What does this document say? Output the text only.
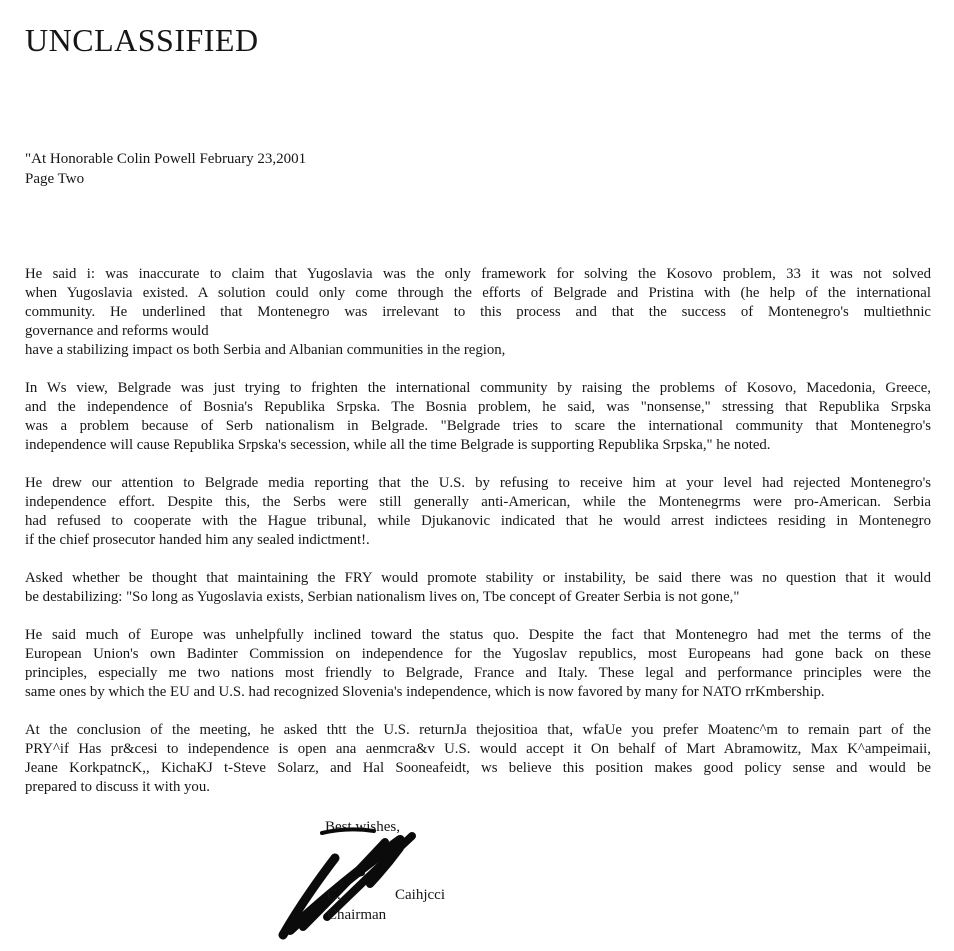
UNCLASSIFIED
"At Honorable Colin Powell February 23,2001
Page Two
He said i: was inaccurate to claim that Yugoslavia was the only framework for solving the Kosovo problem, 33 it was not solved
when Yugoslavia existed. A solution could only come through the efforts of Belgrade and Pristina with (he help of the international
community. He underlined that Montenegro was irrelevant to this process and that the success of Montenegro's multiethnic
governance and reforms would
have a stabilizing impact os both Serbia and Albanian communities in the region,
In Ws view, Belgrade was just trying to frighten the international community by raising the problems of Kosovo, Macedonia, Greece,
and the independence of Bosnia's Republika Srpska. The Bosnia problem, he said, was "nonsense," stressing that Republika Srpska
was a problem because of Serb nationalism in Belgrade. "Belgrade tries to scare the international community that Montenegro's
independence will cause Republika Srpska's secession, while all the time Belgrade is supporting Republika Srpska," he noted.
He drew our attention to Belgrade media reporting that the U.S. by refusing to receive him at your level had rejected Montenegro's
independence effort. Despite this, the Serbs were still generally anti-American, while the Montenegrms were pro-American. Serbia
had refused to cooperate with the Hague tribunal, while Djukanovic indicated that he would arrest indictees residing in Montenegro
if the chief prosecutor handed him any sealed indictment!.
Asked whether be thought that maintaining the FRY would promote stability or instability, be said there was no question that it would
be destabilizing: "So long as Yugoslavia exists, Serbian nationalism lives on, Tbe concept of Greater Serbia is not gone,"
He said much of Europe was unhelpfully inclined toward the status quo. Despite the fact that Montenegro had met the terms of the
European Union's own Badinter Commission on independence for the Yugoslav republics, most Europeans had gone back on these
principles, especially me two nations most friendly to Belgrade, France and Italy. These legal and performance principles were the
same ones by which the EU and U.S. had recognized Slovenia's independence, which is now favored by many for NATO rrKmbership.
At the conclusion of the meeting, he asked thtt the U.S. returnJa thejositioa that, wfaUe you prefer Moatenc^m to remain part of the
PRY^if Has pr&cesi to independence is open ana aenmcra&v U.S. would accept it On behalf of Mart Abramowitz, Max K^ampeimaii,
Jeane KorkpatncK,, KichaKJ t-Steve Solarz, and Hal Sooneafeidt, ws believe this position makes good policy sense and would be
prepared to discuss it with you.
Best wishes,
C.	Caihjcci
Chairman
